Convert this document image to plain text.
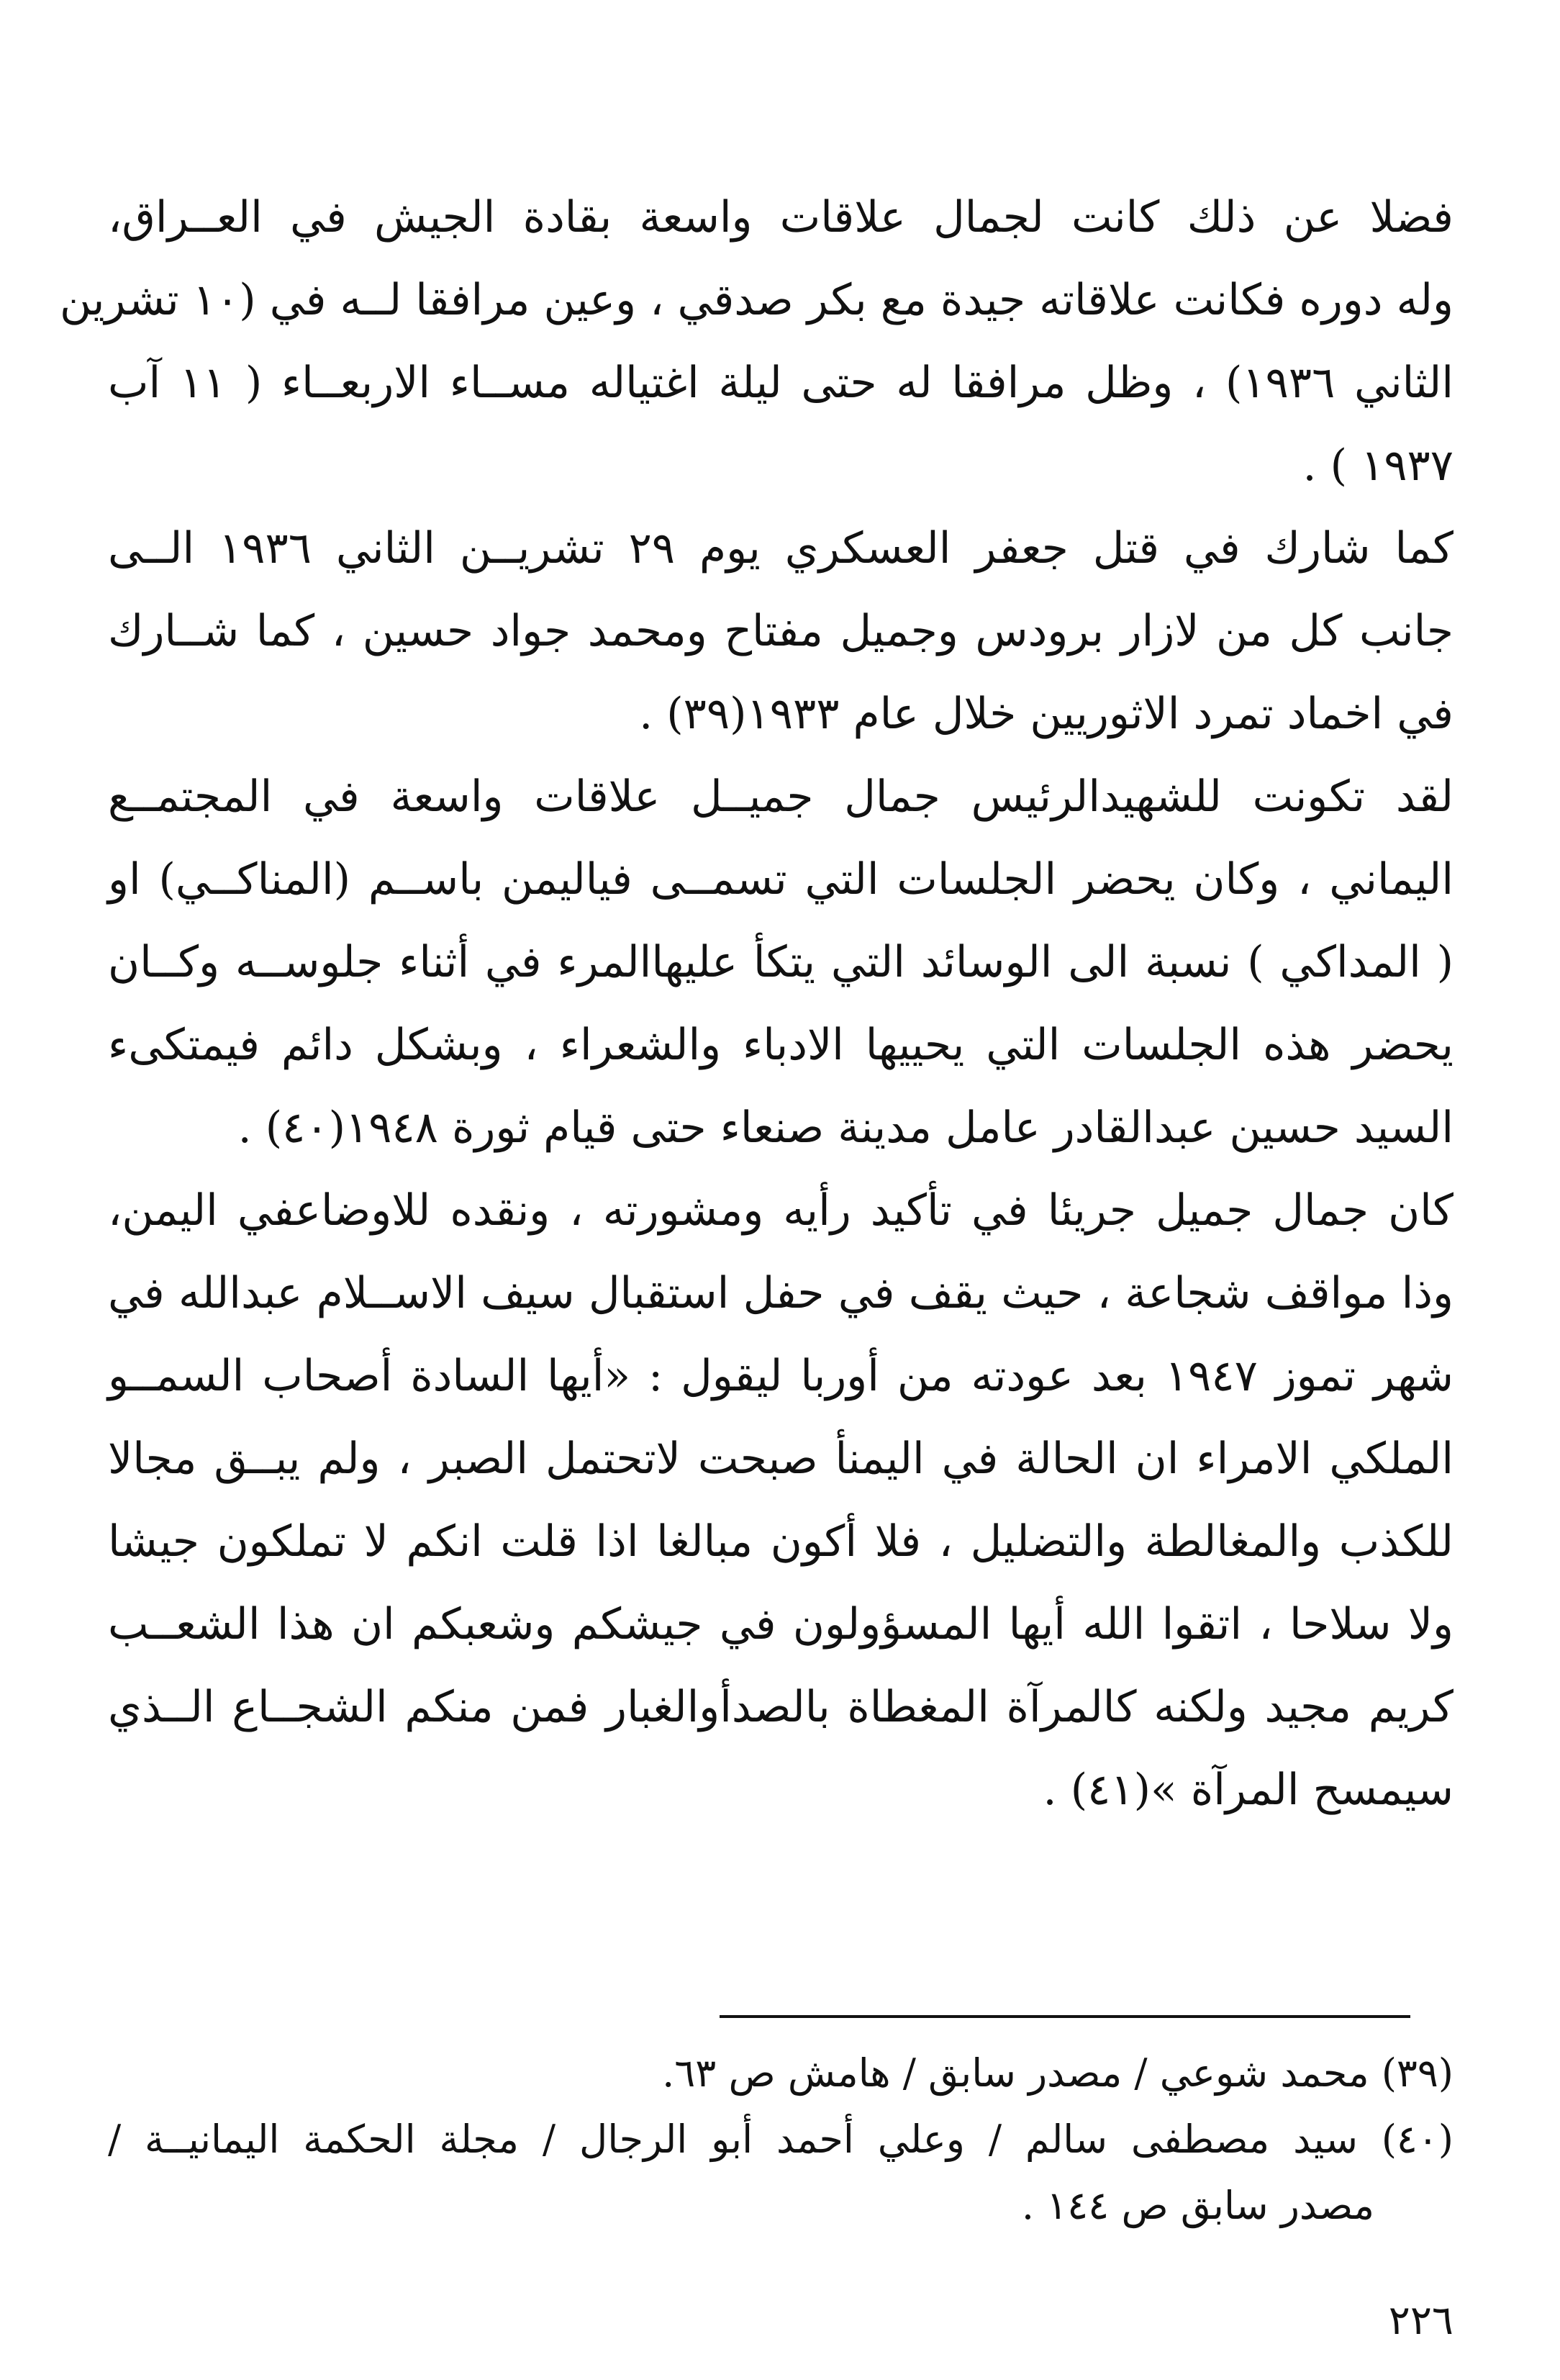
فضلا عن ذلك كانت لجمال علاقات واسعة بقادة الجيش في العــراق،
وله دوره فكانت علاقاته جيدة مع بكر صدقي ، وعين مرافقا لــه في (١٠ تشرين
الثاني ١٩٣٦) ، وظل مرافقا له حتى ليلة اغتياله مســاء الاربعــاء ( ١١ آب
١٩٣٧ ) .
كما شارك في قتل جعفر العسكري يوم ٢٩ تشريــن الثاني ١٩٣٦ الــى
جانب كل من لازار برودس وجميل مفتاح ومحمد جواد حسين ، كما شــارك
في اخماد تمرد الاثوريين خلال عام ١٩٣٣(٣٩) .
لقد تكونت للشهيدالرئيس جمال جميــل علاقات واسعة في المجتمــع
اليماني ، وكان يحضر الجلسات التي تسمــى فياليمن باســم (المناكــي) او
( المداكي ) نسبة الى الوسائد التي يتكأ عليهاالمرء في أثناء جلوســه وكــان
يحضر هذه الجلسات التي يحييها الادباء والشعراء ، وبشكل دائم فيمتكىء
السيد حسين عبدالقادر عامل مدينة صنعاء حتى قيام ثورة ١٩٤٨(٤٠) .
كان جمال جميل جريئا في تأكيد رأيه ومشورته ، ونقده للاوضاعفي اليمن،
وذا مواقف شجاعة ، حيث يقف في حفل استقبال سيف الاســلام عبدالله في
شهر تموز ١٩٤٧ بعد عودته من أوربا ليقول : «أيها السادة أصحاب السمــو
الملكي الامراء ان الحالة في اليمنأ صبحت لاتحتمل الصبر ، ولم يبــق مجالا
للكذب والمغالطة والتضليل ، فلا أكون مبالغا اذا قلت انكم لا تملكون جيشا
ولا سلاحا ، اتقوا الله أيها المسؤولون في جيشكم وشعبكم ان هذا الشعــب
كريم مجيد ولكنه كالمرآة المغطاة بالصدأوالغبار فمن منكم الشجــاع الــذي
سيمسح المرآة »(٤١) .
(٣٩) محمد شوعي / مصدر سابق / هامش ص ٦٣.
(٤٠) سيد مصطفى سالم / وعلي أحمد أبو الرجال / مجلة الحكمة اليمانيــة /
مصدر سابق ص ١٤٤ .
٢٢٦
